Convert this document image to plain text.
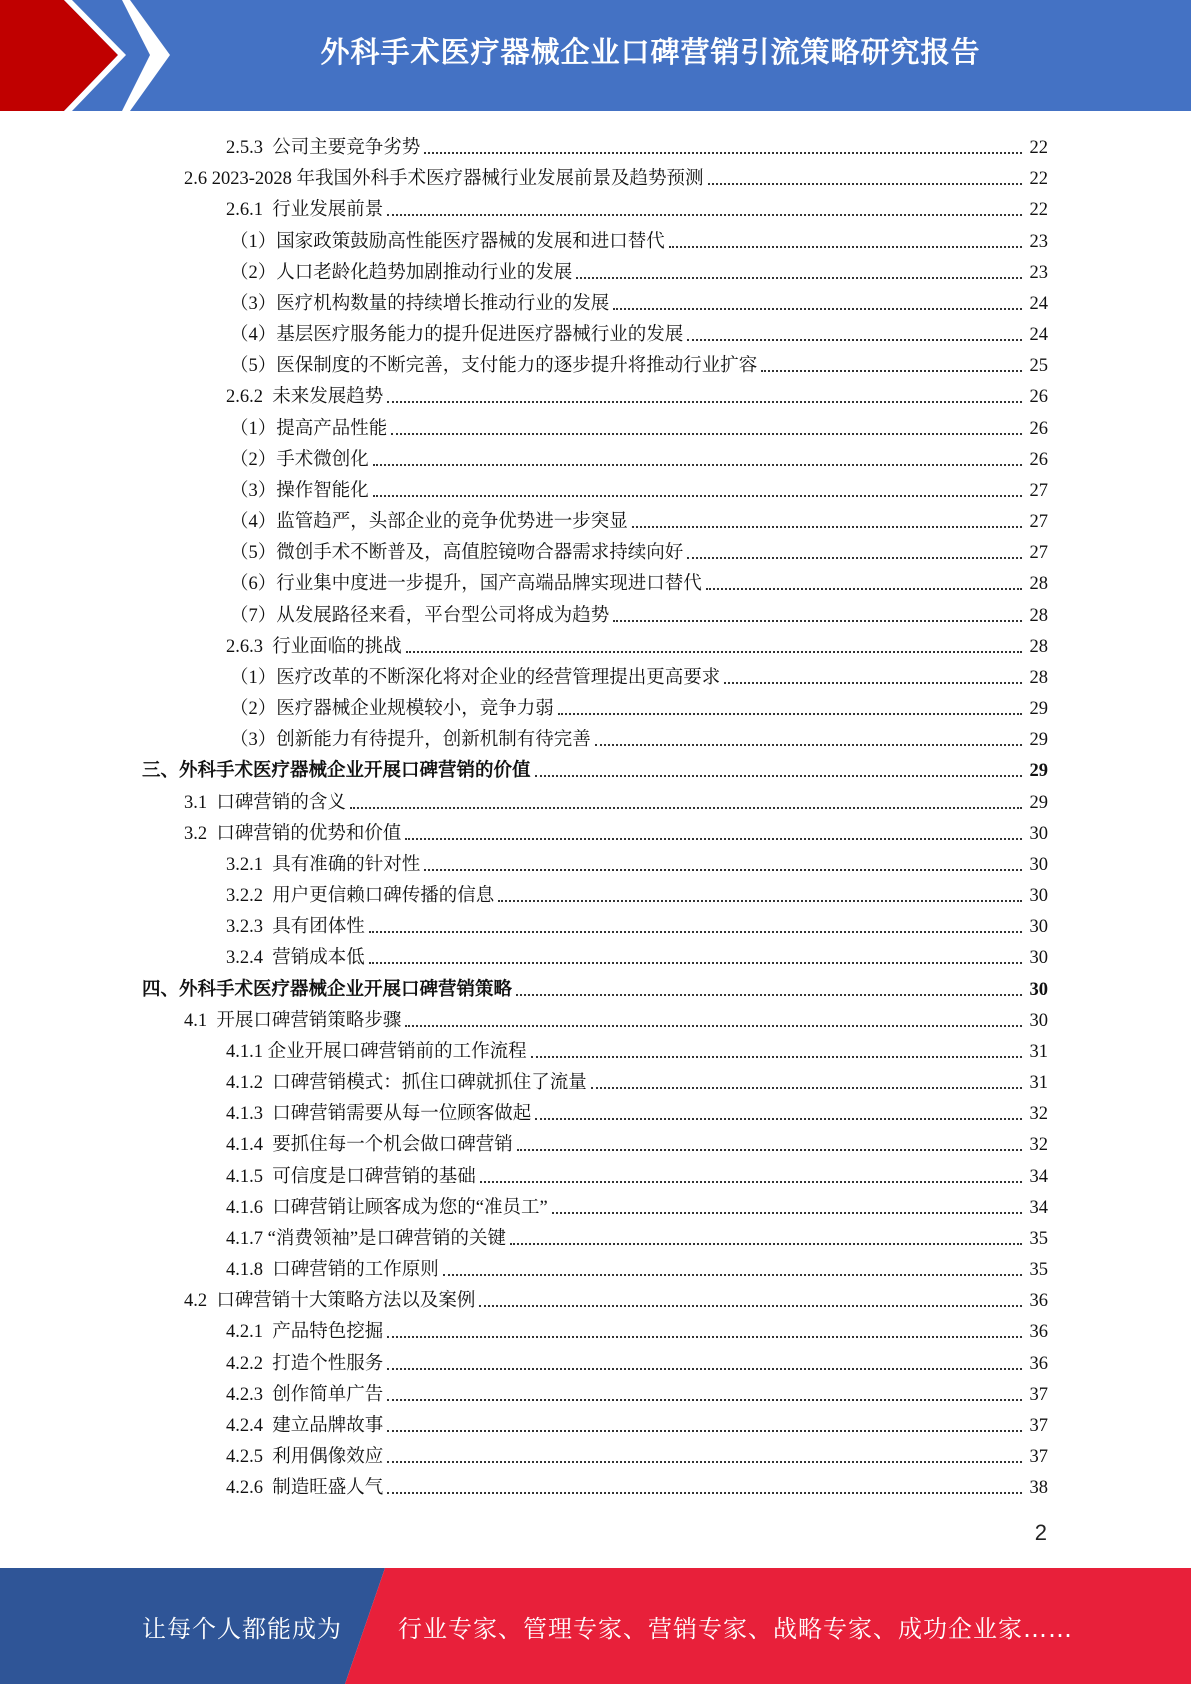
外科手术医疗器械企业口碑营销引流策略研究报告
2.5.3 公司主要竞争劣势	22
2.6 2023-2028 年我国外科手术医疗器械行业发展前景及趋势预测	22
2.6.1 行业发展前景	22
（1） 国家政策鼓励高性能医疗器械的发展和进口替代	23
（2） 人口老龄化趋势加剧推动行业的发展	23
（3） 医疗机构数量的持续增长推动行业的发展	24
（4） 基层医疗服务能力的提升促进医疗器械行业的发展	24
（5） 医保制度的不断完善，支付能力的逐步提升将推动行业扩容	25
2.6.2 未来发展趋势	26
（1） 提高产品性能	26
（2） 手术微创化	26
（3） 操作智能化	27
（4） 监管趋严，头部企业的竞争优势进一步突显	27
（5） 微创手术不断普及，高值腔镜吻合器需求持续向好	27
（6） 行业集中度进一步提升，国产高端品牌实现进口替代	28
（7） 从发展路径来看，平台型公司将成为趋势	28
2.6.3 行业面临的挑战	28
（1） 医疗改革的不断深化将对企业的经营管理提出更高要求	28
（2） 医疗器械企业规模较小，竞争力弱	29
（3） 创新能力有待提升，创新机制有待完善	29
三、 外科手术医疗器械企业开展口碑营销的价值	29
3.1 口碑营销的含义	29
3.2 口碑营销的优势和价值	30
3.2.1 具有准确的针对性	30
3.2.2 用户更信赖口碑传播的信息	30
3.2.3 具有团体性	30
3.2.4 营销成本低	30
四、 外科手术医疗器械企业开展口碑营销策略	30
4.1 开展口碑营销策略步骤	30
4.1.1 企业开展口碑营销前的工作流程	31
4.1.2 口碑营销模式：抓住口碑就抓住了流量	31
4.1.3 口碑营销需要从每一位顾客做起	32
4.1.4 要抓住每一个机会做口碑营销	32
4.1.5 可信度是口碑营销的基础	34
4.1.6 口碑营销让顾客成为您的“准员工”	34
4.1.7 “消费领袖”是口碑营销的关键	35
4.1.8 口碑营销的工作原则	35
4.2 口碑营销十大策略方法以及案例	36
4.2.1 产品特色挖掘	36
4.2.2 打造个性服务	36
4.2.3 创作简单广告	37
4.2.4 建立品牌故事	37
4.2.5 利用偶像效应	37
4.2.6 制造旺盛人气	38
2
让每个人都能成为 行业专家、管理专家、营销专家、战略专家、成功企业家……
